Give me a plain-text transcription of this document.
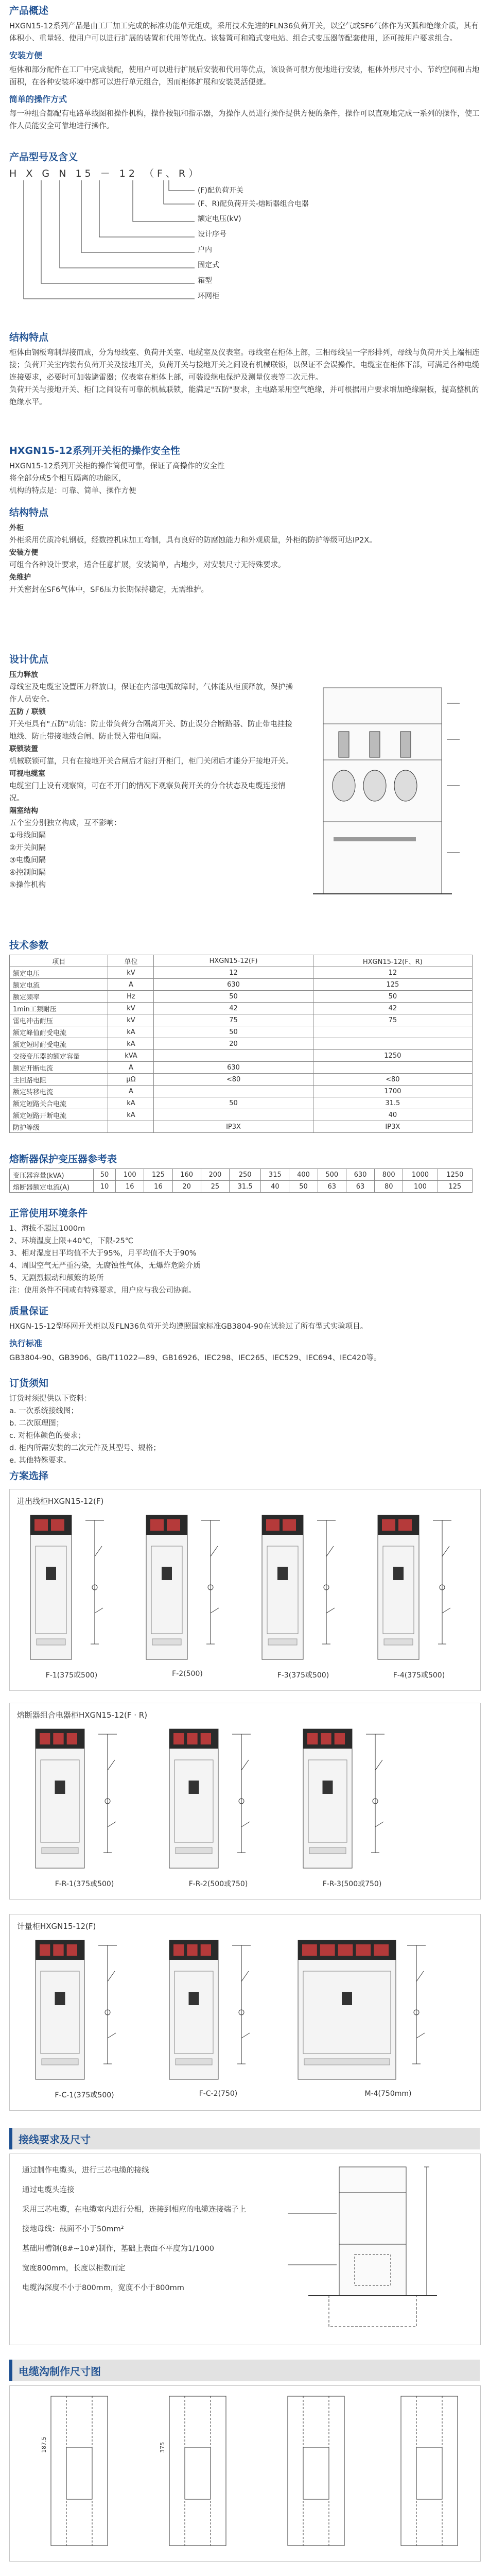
产品概述

HXGN15-12系列产品是由工厂加工完成的标准功能单元组成，采用技术先进的FLN36负荷开关，以空气或SF6气体作为灭弧和绝缘介质，其有体积小、重量轻、使用户可以进行扩展的装置和代用等优点。该装置可和箱式变电站、组合式变压器等配套使用，还可按用户要求组合。

安装方便

柜体和部分配件在工厂中完成装配，使用户可以进行扩展后安装和代用等优点，该设备可很方便地进行安装，柜体外形尺寸小、节约空间和占地面积，在各种安装环境中都可以进行单元组合，因而柜体扩展和安装灵活便捷。

简单的操作方式

每一种组合都配有电路单线图和操作机构，操作按钮和指示器，为操作人员进行操作提供方便的条件，操作可以直观地完成一系列的操作，使工作人员能安全可靠地进行操作。

产品型号及含义
H X G N 15 － 12 （F、R）
(F)配负荷开关
(F、R)配负荷开关-熔断器组合电器
额定电压(kV)
设计序号
户内
固定式
箱型
环网柜
结构特点

柜体由钢板弯制焊接而成，分为母线室、负荷开关室、电缆室及仪表室。母线室在柜体上部，三相母线呈一字形排列，母线与负荷开关上端相连接；负荷开关室内装有负荷开关及接地开关，负荷开关与接地开关之间设有机械联锁，以保证不会误操作。电缆室在柜体下部，可满足各种电缆连接要求，必要时可加装避雷器；仪表室在柜体上部，可装设继电保护及测量仪表等二次元件。

负荷开关与接地开关、柜门之间设有可靠的机械联锁，能满足"五防"要求，主电路采用空气绝缘，并可根据用户要求增加绝缘隔板，提高整机的绝缘水平。

HXGN15-12系列开关柜的操作安全性

HXGN15-12系列开关柜的操作简便可靠，保证了高操作的安全性

将全部分成5个相互隔离的功能区，

机构的特点是：可靠、简单、操作方便

结构特点
外柜

外柜采用优质冷轧钢板，经数控机床加工弯制，具有良好的防腐蚀能力和外观质量，外柜的防护等级可达IP2X。

安装方便

可组合各种设计要求，适合任意扩展，安装简单，占地少，对安装尺寸无特殊要求。

免维护

开关密封在SF6气体中，SF6压力长期保持稳定，无需维护。

设计优点
压力释放

母线室及电缆室设置压力释放口，保证在内部电弧故障时，气体能从柜顶释放，保护操作人员安全。

五防 / 联锁

开关柜具有"五防"功能：防止带负荷分合隔离开关、防止误分合断路器、防止带电挂接地线、防止带接地线合闸、防止误入带电间隔。

联锁装置

机械联锁可靠，只有在接地开关合闸后才能打开柜门，柜门关闭后才能分开接地开关。

可视电缆室

电缆室门上设有观察窗，可在不开门的情况下观察负荷开关的分合状态及电缆连接情况。

隔室结构

五个室分别独立构成，互不影响：

①母线间隔
②开关间隔
③电缆间隔
④控制间隔
⑤操作机构
技术参数
项目	单位	HXGN15-12(F)	HXGN15-12(F、R)
额定电压	kV	12	12
额定电流	A	630	125
额定频率	Hz	50	50
1min工频耐压	kV	42	42
雷电冲击耐压	kV	75	75
额定峰值耐受电流	kA	50	
额定短时耐受电流	kA	20	
交接变压器的额定容量	kVA		1250
额定开断电流	A	630	
主回路电阻	μΩ	<80	<80
额定转移电流	A		1700
额定短路关合电流	kA	50	31.5
额定短路开断电流	kA		40
防护等级		IP3X	IP3X
熔断器保护变压器参考表
变压器容量(kVA)	50	100	125	160	200	250	315	400	500	630	800	1000	1250
熔断器额定电流(A)	10	16	16	20	25	31.5	40	50	63	63	80	100	125
正常使用环境条件
1、海拔不超过1000m
2、环境温度上限+40℃，下限-25℃
3、相对湿度日平均值不大于95%，月平均值不大于90%
4、周围空气无严重污染，无腐蚀性气体，无爆炸危险介质
5、无剧烈振动和颠簸的场所
注：使用条件不同或有特殊要求，用户应与我公司协商。
质量保证

HXGN-15-12型环网开关柜以及FLN36负荷开关均遵照国家标准GB3804-90在试验过了所有型式实验项目。

执行标准

GB3804-90、GB3906、GB/T11022—89、GB16926、IEC298、IEC265、IEC529、IEC694、IEC420等。

订货须知
订货时须提供以下资料：
a. 一次系统接线图；
b. 二次原理图；
c. 对柜体颜色的要求；
d. 柜内所需安装的二次元件及其型号、规格；
e. 其他特殊要求。
方案选择
进出线柜HXGN15-12(F)
F-1(375或500)	F-2(500)	F-3(375或500)	F-4(375或500)
熔断器组合电器柜HXGN15-12(F · R)
F-R-1(375或500)	F-R-2(500或750)	F-R-3(500或750)
计量柜HXGN15-12(F)
F-C-1(375或500)	F-C-2(750)	M-4(750mm)
接线要求及尺寸
通过制作电缆头，进行三芯电缆的接线
通过电缆头连接
采用三芯电缆，在电缆室内进行分相，连接到相应的电缆连接端子上
接地母线：截面不小于50mm²
基础用槽钢(8#~10#)制作，基础上表面不平度为1/1000
宽度800mm，长度以柜数而定
电缆沟深度不小于800mm，宽度不小于800mm
电缆沟制作尺寸图
187.5	375
